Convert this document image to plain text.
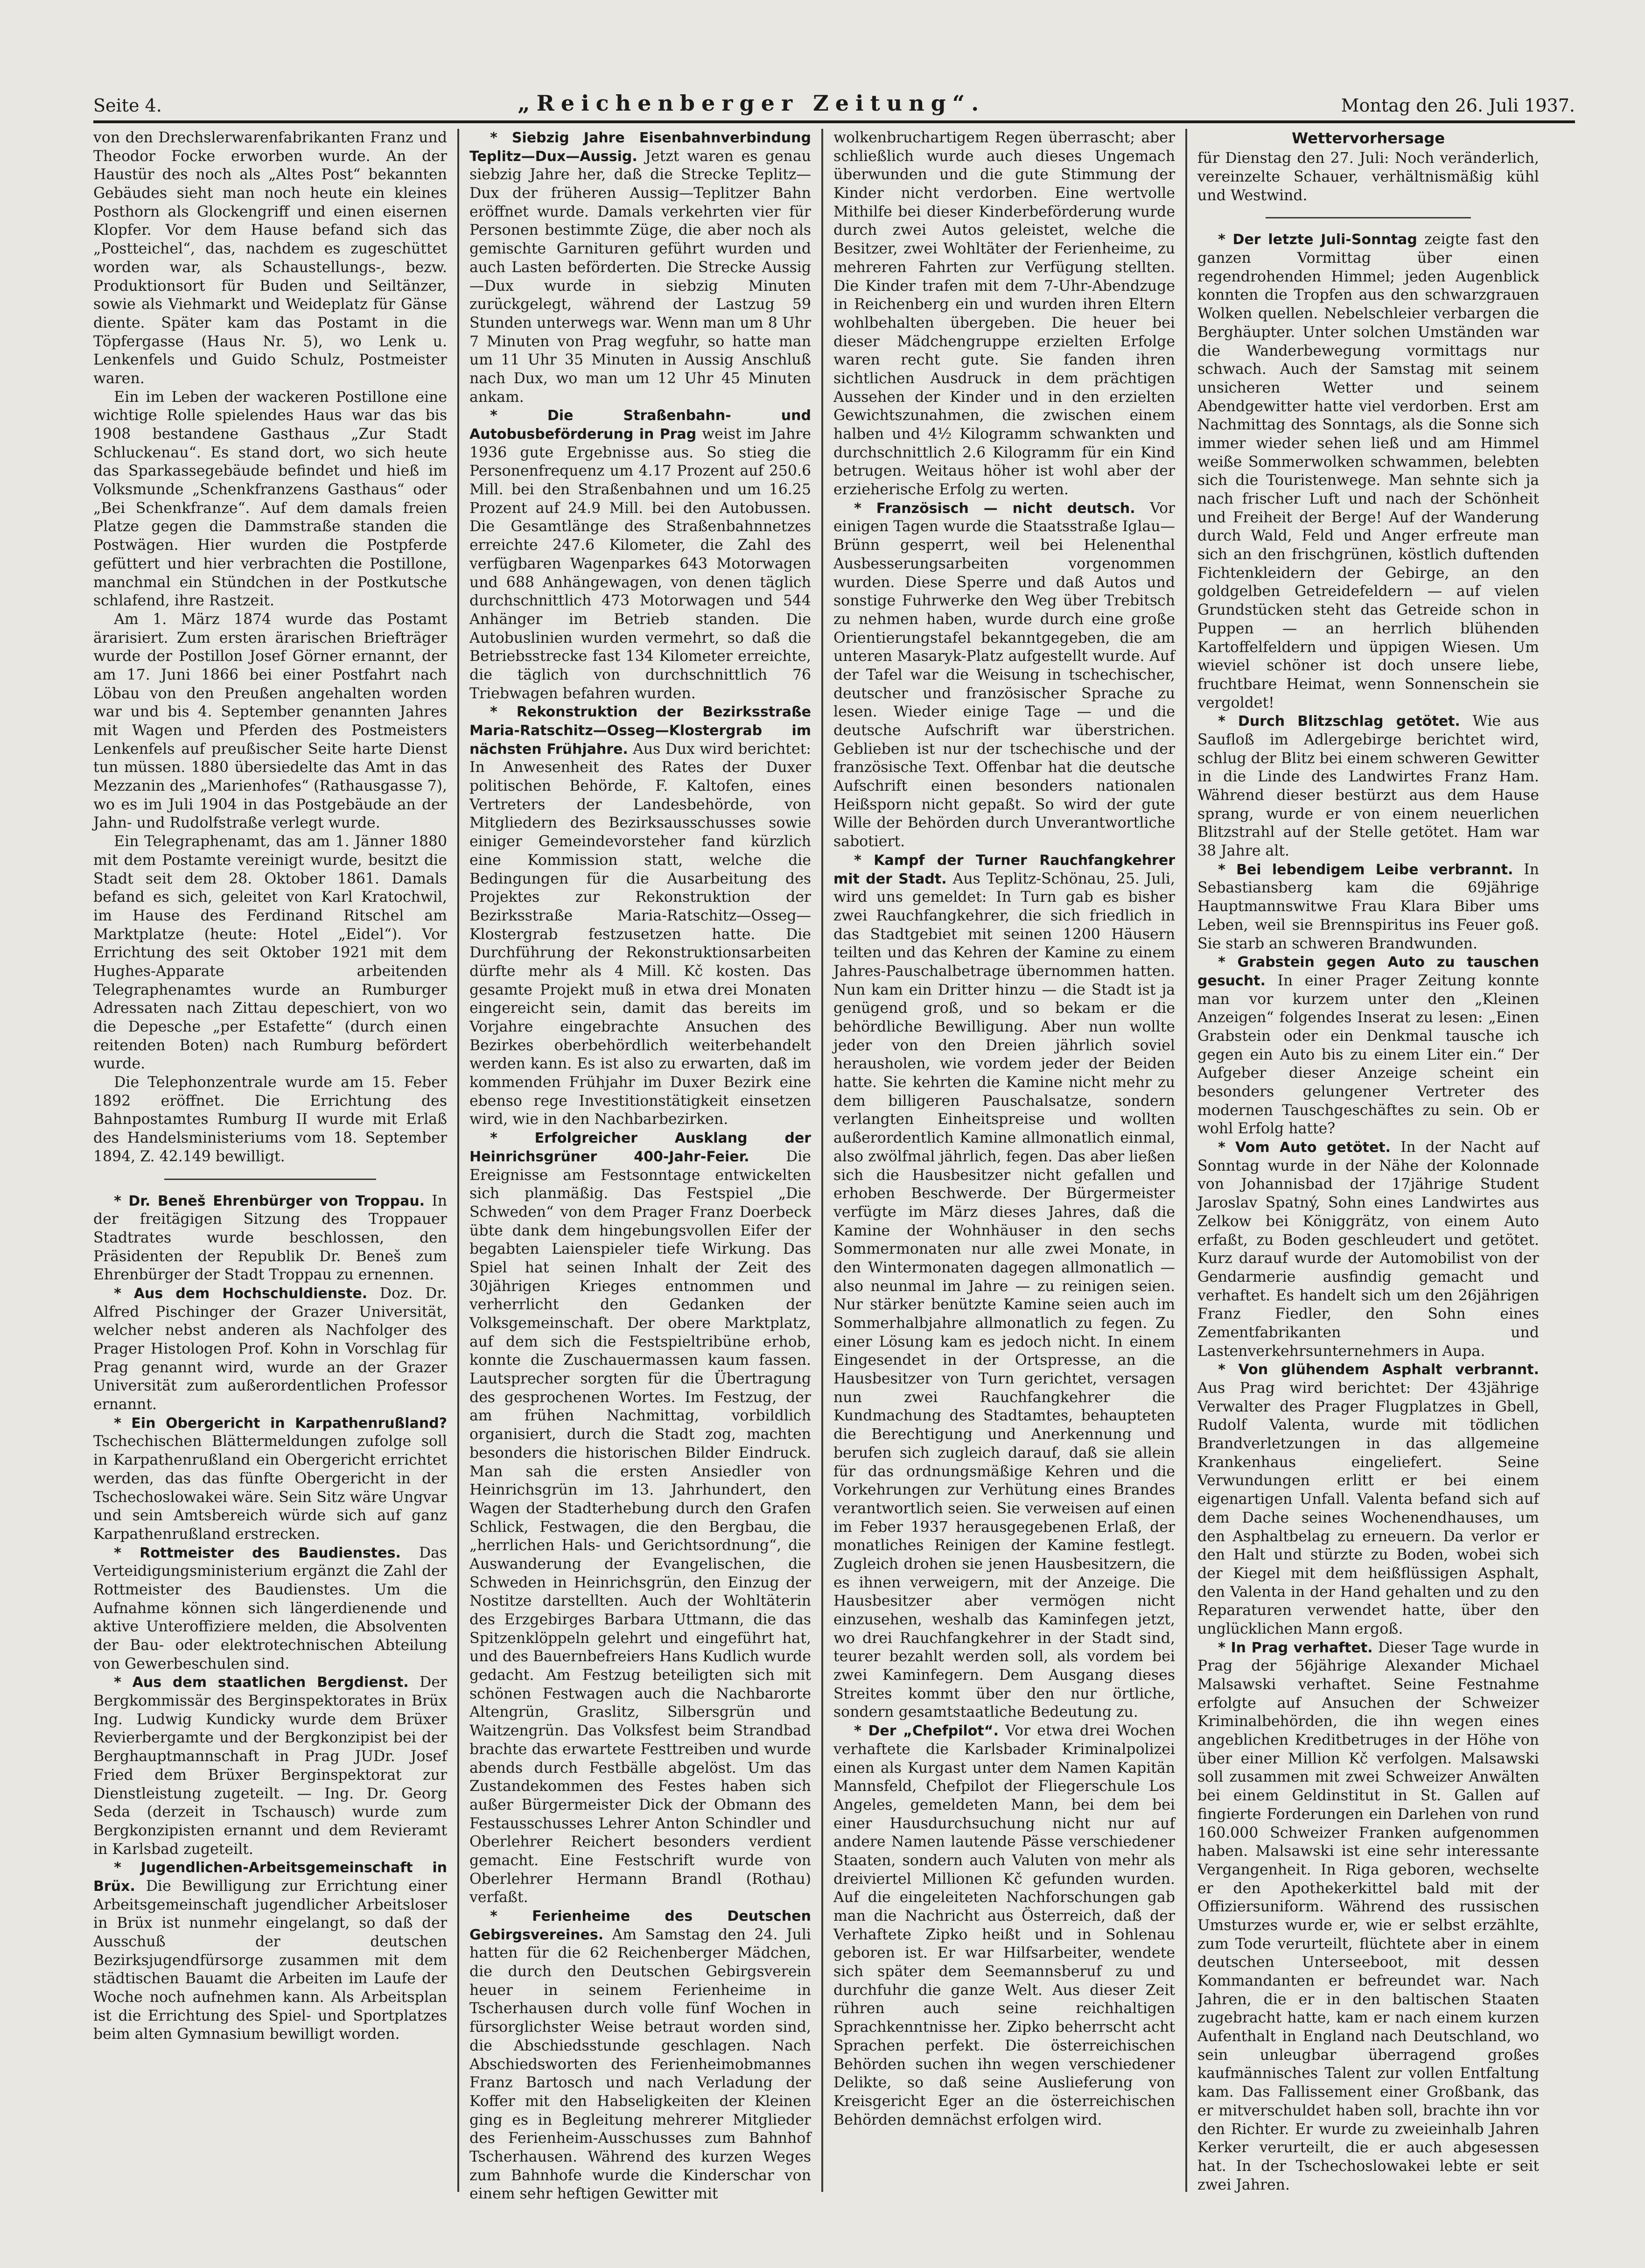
Seite 4.	„Reichenberger Zeitung“.	Montag den 26. Juli 1937.

von den Drechslerwarenfabrikanten Franz und Theodor Focke erworben wurde. An der Haustür des noch als „Altes Post“ bekannten Gebäudes sieht man noch heute ein kleines Posthorn als Glockengriff und einen eisernen Klopfer. Vor dem Hause befand sich das „Postteichel“, das, nachdem es zugeschüttet worden war, als Schaustellungs-, bezw. Produktionsort für Buden und Seiltänzer, sowie als Viehmarkt und Weideplatz für Gänse diente. Später kam das Postamt in die Töpfergasse (Haus Nr. 5), wo Lenk u. Lenkenfels und Guido Schulz, Postmeister waren.

Ein im Leben der wackeren Postillone eine wichtige Rolle spielendes Haus war das bis 1908 bestandene Gasthaus „Zur Stadt Schluckenau“. Es stand dort, wo sich heute das Sparkassegebäude befindet und hieß im Volksmunde „Schenkfranzens Gasthaus“ oder „Bei Schenkfranze“. Auf dem damals freien Platze gegen die Dammstraße standen die Postwägen. Hier wurden die Postpferde gefüttert und hier verbrachten die Postillone, manchmal ein Stündchen in der Postkutsche schlafend, ihre Rastzeit.

Am 1. März 1874 wurde das Postamt ärarisiert. Zum ersten ärarischen Briefträger wurde der Postillon Josef Görner ernannt, der am 17. Juni 1866 bei einer Postfahrt nach Löbau von den Preußen angehalten worden war und bis 4. September genannten Jahres mit Wagen und Pferden des Postmeisters Lenkenfels auf preußischer Seite harte Dienst tun müssen. 1880 übersiedelte das Amt in das Mezzanin des „Marienhofes“ (Rathausgasse 7), wo es im Juli 1904 in das Postgebäude an der Jahn- und Rudolfstraße verlegt wurde.

Ein Telegraphenamt, das am 1. Jänner 1880 mit dem Postamte vereinigt wurde, besitzt die Stadt seit dem 28. Oktober 1861. Damals befand es sich, geleitet von Karl Kratochwil, im Hause des Ferdinand Ritschel am Marktplatze (heute: Hotel „Eidel“). Vor Errichtung des seit Oktober 1921 mit dem Hughes-Apparate arbeitenden Telegraphenamtes wurde an Rumburger Adressaten nach Zittau depeschiert, von wo die Depesche „per Estafette“ (durch einen reitenden Boten) nach Rumburg befördert wurde.

Die Telephonzentrale wurde am 15. Feber 1892 eröffnet. Die Errichtung des Bahnpostamtes Rumburg II wurde mit Erlaß des Handelsministeriums vom 18. September 1894, Z. 42.149 bewilligt.

* Dr. Beneš Ehrenbürger von Troppau. In der freitägigen Sitzung des Troppauer Stadtrates wurde beschlossen, den Präsidenten der Republik Dr. Beneš zum Ehrenbürger der Stadt Troppau zu ernennen.

* Aus dem Hochschuldienste. Doz. Dr. Alfred Pischinger der Grazer Universität, welcher nebst anderen als Nachfolger des Prager Histologen Prof. Kohn in Vorschlag für Prag genannt wird, wurde an der Grazer Universität zum außerordentlichen Professor ernannt.

* Ein Obergericht in Karpathenrußland? Tschechischen Blättermeldungen zufolge soll in Karpathenrußland ein Obergericht errichtet werden, das das fünfte Obergericht in der Tschechoslowakei wäre. Sein Sitz wäre Ungvar und sein Amtsbereich würde sich auf ganz Karpathenrußland erstrecken.

* Rottmeister des Baudienstes. Das Verteidigungsministerium ergänzt die Zahl der Rottmeister des Baudienstes. Um die Aufnahme können sich längerdienende und aktive Unteroffiziere melden, die Absolventen der Bau- oder elektrotechnischen Abteilung von Gewerbeschulen sind.

* Aus dem staatlichen Bergdienst. Der Bergkommissär des Berginspektorates in Brüx Ing. Ludwig Kundicky wurde dem Brüxer Revierbergamte und der Bergkonzipist bei der Berghauptmannschaft in Prag JUDr. Josef Fried dem Brüxer Berginspektorat zur Dienstleistung zugeteilt. — Ing. Dr. Georg Seda (derzeit in Tschausch) wurde zum Bergkonzipisten ernannt und dem Revieramt in Karlsbad zugeteilt.

* Jugendlichen-Arbeitsgemeinschaft in Brüx. Die Bewilligung zur Errichtung einer Arbeitsgemeinschaft jugendlicher Arbeitsloser in Brüx ist nunmehr eingelangt, so daß der Ausschuß der deutschen Bezirksjugendfürsorge zusammen mit dem städtischen Bauamt die Arbeiten im Laufe der Woche noch aufnehmen kann. Als Arbeitsplan ist die Errichtung des Spiel- und Sportplatzes beim alten Gymnasium bewilligt worden.

* Siebzig Jahre Eisenbahnverbindung Teplitz—Dux—Aussig. Jetzt waren es genau siebzig Jahre her, daß die Strecke Teplitz—Dux der früheren Aussig—Teplitzer Bahn eröffnet wurde. Damals verkehrten vier für Personen bestimmte Züge, die aber noch als gemischte Garnituren geführt wurden und auch Lasten beförderten. Die Strecke Aussig—Dux wurde in siebzig Minuten zurückgelegt, während der Lastzug 59 Stunden unterwegs war. Wenn man um 8 Uhr 7 Minuten von Prag wegfuhr, so hatte man um 11 Uhr 35 Minuten in Aussig Anschluß nach Dux, wo man um 12 Uhr 45 Minuten ankam.

* Die Straßenbahn- und Autobusbeförderung in Prag weist im Jahre 1936 gute Ergebnisse aus. So stieg die Personenfrequenz um 4.17 Prozent auf 250.6 Mill. bei den Straßenbahnen und um 16.25 Prozent auf 24.9 Mill. bei den Autobussen. Die Gesamtlänge des Straßenbahnnetzes erreichte 247.6 Kilometer, die Zahl des verfügbaren Wagenparkes 643 Motorwagen und 688 Anhängewagen, von denen täglich durchschnittlich 473 Motorwagen und 544 Anhänger im Betrieb standen. Die Autobuslinien wurden vermehrt, so daß die Betriebsstrecke fast 134 Kilometer erreichte, die täglich von durchschnittlich 76 Triebwagen befahren wurden.

* Rekonstruktion der Bezirksstraße Maria-Ratschitz—Osseg—Klostergrab im nächsten Frühjahre. Aus Dux wird berichtet: In Anwesenheit des Rates der Duxer politischen Behörde, F. Kaltofen, eines Vertreters der Landesbehörde, von Mitgliedern des Bezirksausschusses sowie einiger Gemeindevorsteher fand kürzlich eine Kommission statt, welche die Bedingungen für die Ausarbeitung des Projektes zur Rekonstruktion der Bezirksstraße Maria-Ratschitz—Osseg—Klostergrab festzusetzen hatte. Die Durchführung der Rekonstruktionsarbeiten dürfte mehr als 4 Mill. Kč kosten. Das gesamte Projekt muß in etwa drei Monaten eingereicht sein, damit das bereits im Vorjahre eingebrachte Ansuchen des Bezirkes oberbehördlich weiterbehandelt werden kann. Es ist also zu erwarten, daß im kommenden Frühjahr im Duxer Bezirk eine ebenso rege Investitionstätigkeit einsetzen wird, wie in den Nachbarbezirken.

* Erfolgreicher Ausklang der Heinrichsgrüner 400-Jahr-Feier. Die Ereignisse am Festsonntage entwickelten sich planmäßig. Das Festspiel „Die Schweden“ von dem Prager Franz Doerbeck übte dank dem hingebungsvollen Eifer der begabten Laienspieler tiefe Wirkung. Das Spiel hat seinen Inhalt der Zeit des 30jährigen Krieges entnommen und verherrlicht den Gedanken der Volksgemeinschaft. Der obere Marktplatz, auf dem sich die Festspieltribüne erhob, konnte die Zuschauermassen kaum fassen. Lautsprecher sorgten für die Übertragung des gesprochenen Wortes. Im Festzug, der am frühen Nachmittag, vorbildlich organisiert, durch die Stadt zog, machten besonders die historischen Bilder Eindruck. Man sah die ersten Ansiedler von Heinrichsgrün im 13. Jahrhundert, den Wagen der Stadterhebung durch den Grafen Schlick, Festwagen, die den Bergbau, die „herrlichen Hals- und Gerichtsordnung“, die Auswanderung der Evangelischen, die Schweden in Heinrichsgrün, den Einzug der Nostitze darstellten. Auch der Wohltäterin des Erzgebirges Barbara Uttmann, die das Spitzenklöppeln gelehrt und eingeführt hat, und des Bauernbefreiers Hans Kudlich wurde gedacht. Am Festzug beteiligten sich mit schönen Festwagen auch die Nachbarorte Altengrün, Graslitz, Silbersgrün und Waitzengrün. Das Volksfest beim Strandbad brachte das erwartete Festtreiben und wurde abends durch Festbälle abgelöst. Um das Zustandekommen des Festes haben sich außer Bürgermeister Dick der Obmann des Festausschusses Lehrer Anton Schindler und Oberlehrer Reichert besonders verdient gemacht. Eine Festschrift wurde von Oberlehrer Hermann Brandl (Rothau) verfaßt.

* Ferienheime des Deutschen Gebirgsvereines. Am Samstag den 24. Juli hatten für die 62 Reichenberger Mädchen, die durch den Deutschen Gebirgsverein heuer in seinem Ferienheime in Tscherhausen durch volle fünf Wochen in fürsorglichster Weise betraut worden sind, die Abschiedsstunde geschlagen. Nach Abschiedsworten des Ferienheimobmannes Franz Bartosch und nach Verladung der Koffer mit den Habseligkeiten der Kleinen ging es in Begleitung mehrerer Mitglieder des Ferienheim-Ausschusses zum Bahnhof Tscherhausen. Während des kurzen Weges zum Bahnhofe wurde die Kinderschar von einem sehr heftigen Gewitter mit

wolkenbruchartigem Regen überrascht; aber schließlich wurde auch dieses Ungemach überwunden und die gute Stimmung der Kinder nicht verdorben. Eine wertvolle Mithilfe bei dieser Kinderbeförderung wurde durch zwei Autos geleistet, welche die Besitzer, zwei Wohltäter der Ferienheime, zu mehreren Fahrten zur Verfügung stellten. Die Kinder trafen mit dem 7-Uhr-Abendzuge in Reichenberg ein und wurden ihren Eltern wohlbehalten übergeben. Die heuer bei dieser Mädchengruppe erzielten Erfolge waren recht gute. Sie fanden ihren sichtlichen Ausdruck in dem prächtigen Aussehen der Kinder und in den erzielten Gewichtszunahmen, die zwischen einem halben und 4½ Kilogramm schwankten und durchschnittlich 2.6 Kilogramm für ein Kind betrugen. Weitaus höher ist wohl aber der erzieherische Erfolg zu werten.

* Französisch — nicht deutsch. Vor einigen Tagen wurde die Staatsstraße Iglau—Brünn gesperrt, weil bei Helenenthal Ausbesserungsarbeiten vorgenommen wurden. Diese Sperre und daß Autos und sonstige Fuhrwerke den Weg über Trebitsch zu nehmen haben, wurde durch eine große Orientierungstafel bekanntgegeben, die am unteren Masaryk-Platz aufgestellt wurde. Auf der Tafel war die Weisung in tschechischer, deutscher und französischer Sprache zu lesen. Wieder einige Tage — und die deutsche Aufschrift war überstrichen. Geblieben ist nur der tschechische und der französische Text. Offenbar hat die deutsche Aufschrift einen besonders nationalen Heißsporn nicht gepaßt. So wird der gute Wille der Behörden durch Unverantwortliche sabotiert.

* Kampf der Turner Rauchfangkehrer mit der Stadt. Aus Teplitz-Schönau, 25. Juli, wird uns gemeldet: In Turn gab es bisher zwei Rauchfangkehrer, die sich friedlich in das Stadtgebiet mit seinen 1200 Häusern teilten und das Kehren der Kamine zu einem Jahres-Pauschalbetrage übernommen hatten. Nun kam ein Dritter hinzu — die Stadt ist ja genügend groß, und so bekam er die behördliche Bewilligung. Aber nun wollte jeder von den Dreien jährlich soviel herausholen, wie vordem jeder der Beiden hatte. Sie kehrten die Kamine nicht mehr zu dem billigeren Pauschalsatze, sondern verlangten Einheitspreise und wollten außerordentlich Kamine allmonatlich einmal, also zwölfmal jährlich, fegen. Das aber ließen sich die Hausbesitzer nicht gefallen und erhoben Beschwerde. Der Bürgermeister verfügte im März dieses Jahres, daß die Kamine der Wohnhäuser in den sechs Sommermonaten nur alle zwei Monate, in den Wintermonaten dagegen allmonatlich — also neunmal im Jahre — zu reinigen seien. Nur stärker benützte Kamine seien auch im Sommerhalbjahre allmonatlich zu fegen. Zu einer Lösung kam es jedoch nicht. In einem Eingesendet in der Ortspresse, an die Hausbesitzer von Turn gerichtet, versagen nun zwei Rauchfangkehrer die Kundmachung des Stadtamtes, behaupteten die Berechtigung und Anerkennung und berufen sich zugleich darauf, daß sie allein für das ordnungsmäßige Kehren und die Vorkehrungen zur Verhütung eines Brandes verantwortlich seien. Sie verweisen auf einen im Feber 1937 herausgegebenen Erlaß, der monatliches Reinigen der Kamine festlegt. Zugleich drohen sie jenen Hausbesitzern, die es ihnen verweigern, mit der Anzeige. Die Hausbesitzer aber vermögen nicht einzusehen, weshalb das Kaminfegen jetzt, wo drei Rauchfangkehrer in der Stadt sind, teurer bezahlt werden soll, als vordem bei zwei Kaminfegern. Dem Ausgang dieses Streites kommt über den nur örtliche, sondern gesamtstaatliche Bedeutung zu.

* Der „Chefpilot“. Vor etwa drei Wochen verhaftete die Karlsbader Kriminalpolizei einen als Kurgast unter dem Namen Kapitän Mannsfeld, Chefpilot der Fliegerschule Los Angeles, gemeldeten Mann, bei dem bei einer Hausdurchsuchung nicht nur auf andere Namen lautende Pässe verschiedener Staaten, sondern auch Valuten von mehr als dreiviertel Millionen Kč gefunden wurden. Auf die eingeleiteten Nachforschungen gab man die Nachricht aus Österreich, daß der Verhaftete Zipko heißt und in Sohlenau geboren ist. Er war Hilfsarbeiter, wendete sich später dem Seemannsberuf zu und durchfuhr die ganze Welt. Aus dieser Zeit rühren auch seine reichhaltigen Sprachkenntnisse her. Zipko beherrscht acht Sprachen perfekt. Die österreichischen Behörden suchen ihn wegen verschiedener Delikte, so daß seine Auslieferung von Kreisgericht Eger an die österreichischen Behörden demnächst erfolgen wird.

Wettervorhersage

für Dienstag den 27. Juli: Noch veränderlich, vereinzelte Schauer, verhältnismäßig kühl und Westwind.

* Der letzte Juli-Sonntag zeigte fast den ganzen Vormittag über einen regendrohenden Himmel; jeden Augenblick konnten die Tropfen aus den schwarzgrauen Wolken quellen. Nebelschleier verbargen die Berghäupter. Unter solchen Umständen war die Wanderbewegung vormittags nur schwach. Auch der Samstag mit seinem unsicheren Wetter und seinem Abendgewitter hatte viel verdorben. Erst am Nachmittag des Sonntags, als die Sonne sich immer wieder sehen ließ und am Himmel weiße Sommerwolken schwammen, belebten sich die Touristenwege. Man sehnte sich ja nach frischer Luft und nach der Schönheit und Freiheit der Berge! Auf der Wanderung durch Wald, Feld und Anger erfreute man sich an den frischgrünen, köstlich duftenden Fichtenkleidern der Gebirge, an den goldgelben Getreidefeldern — auf vielen Grundstücken steht das Getreide schon in Puppen — an herrlich blühenden Kartoffelfeldern und üppigen Wiesen. Um wieviel schöner ist doch unsere liebe, fruchtbare Heimat, wenn Sonnenschein sie vergoldet!

* Durch Blitzschlag getötet. Wie aus Saufloß im Adlergebirge berichtet wird, schlug der Blitz bei einem schweren Gewitter in die Linde des Landwirtes Franz Ham. Während dieser bestürzt aus dem Hause sprang, wurde er von einem neuerlichen Blitzstrahl auf der Stelle getötet. Ham war 38 Jahre alt.

* Bei lebendigem Leibe verbrannt. In Sebastiansberg kam die 69jährige Hauptmannswitwe Frau Klara Biber ums Leben, weil sie Brennspiritus ins Feuer goß. Sie starb an schweren Brandwunden.

* Grabstein gegen Auto zu tauschen gesucht. In einer Prager Zeitung konnte man vor kurzem unter den „Kleinen Anzeigen“ folgendes Inserat zu lesen: „Einen Grabstein oder ein Denkmal tausche ich gegen ein Auto bis zu einem Liter ein.“ Der Aufgeber dieser Anzeige scheint ein besonders gelungener Vertreter des modernen Tauschgeschäftes zu sein. Ob er wohl Erfolg hatte?

* Vom Auto getötet. In der Nacht auf Sonntag wurde in der Nähe der Kolonnade von Johannisbad der 17jährige Student Jaroslav Spatný, Sohn eines Landwirtes aus Zelkow bei Königgrätz, von einem Auto erfaßt, zu Boden geschleudert und getötet. Kurz darauf wurde der Automobilist von der Gendarmerie ausfindig gemacht und verhaftet. Es handelt sich um den 26jährigen Franz Fiedler, den Sohn eines Zementfabrikanten und Lastenverkehrsunternehmers in Aupa.

* Von glühendem Asphalt verbrannt. Aus Prag wird berichtet: Der 43jährige Verwalter des Prager Flugplatzes in Gbell, Rudolf Valenta, wurde mit tödlichen Brandverletzungen in das allgemeine Krankenhaus eingeliefert. Seine Verwundungen erlitt er bei einem eigenartigen Unfall. Valenta befand sich auf dem Dache seines Wochenendhauses, um den Asphaltbelag zu erneuern. Da verlor er den Halt und stürzte zu Boden, wobei sich der Kiegel mit dem heißflüssigen Asphalt, den Valenta in der Hand gehalten und zu den Reparaturen verwendet hatte, über den unglücklichen Mann ergoß.

* In Prag verhaftet. Dieser Tage wurde in Prag der 56jährige Alexander Michael Malsawski verhaftet. Seine Festnahme erfolgte auf Ansuchen der Schweizer Kriminalbehörden, die ihn wegen eines angeblichen Kreditbetruges in der Höhe von über einer Million Kč verfolgen. Malsawski soll zusammen mit zwei Schweizer Anwälten bei einem Geldinstitut in St. Gallen auf fingierte Forderungen ein Darlehen von rund 160.000 Schweizer Franken aufgenommen haben. Malsawski ist eine sehr interessante Vergangenheit. In Riga geboren, wechselte er den Apothekerkittel bald mit der Offiziersuniform. Während des russischen Umsturzes wurde er, wie er selbst erzählte, zum Tode verurteilt, flüchtete aber in einem deutschen Unterseeboot, mit dessen Kommandanten er befreundet war. Nach Jahren, die er in den baltischen Staaten zugebracht hatte, kam er nach einem kurzen Aufenthalt in England nach Deutschland, wo sein unleugbar überragend großes kaufmännisches Talent zur vollen Entfaltung kam. Das Fallissement einer Großbank, das er mitverschuldet haben soll, brachte ihn vor den Richter. Er wurde zu zweieinhalb Jahren Kerker verurteilt, die er auch abgesessen hat. In der Tschechoslowakei lebte er seit zwei Jahren.
